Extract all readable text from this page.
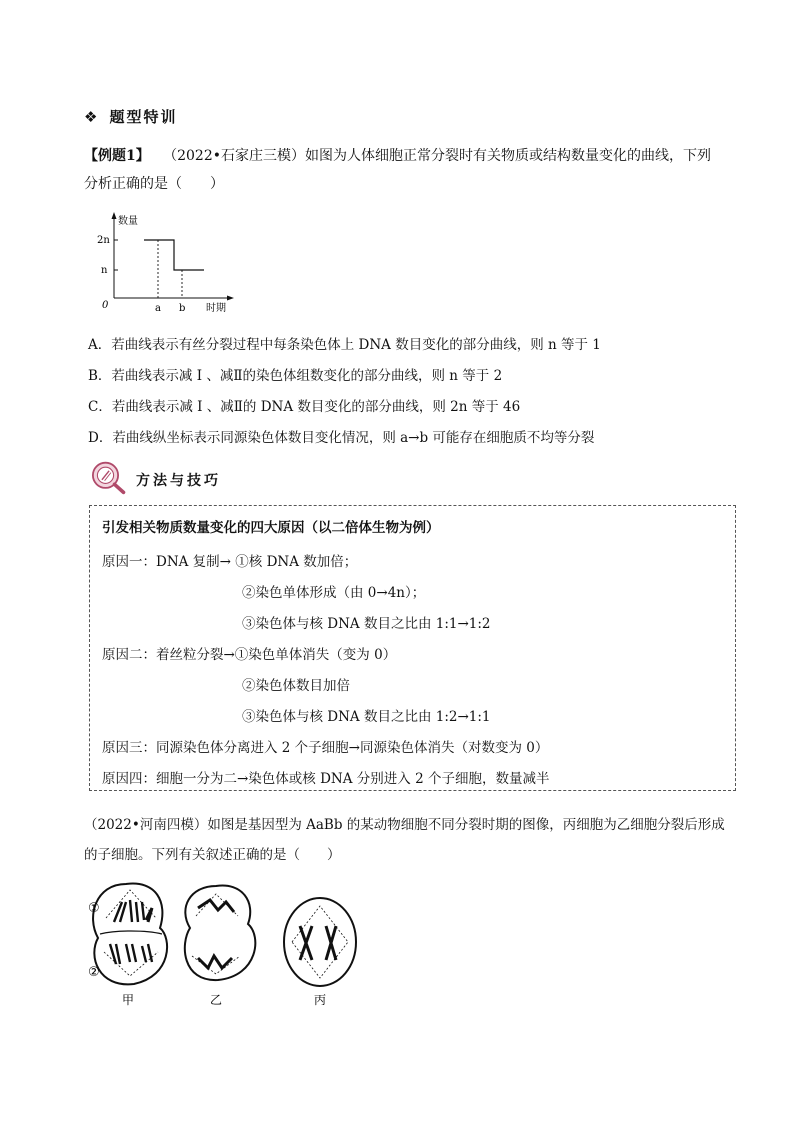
❖ 题型特训
【例题1】 （2022•石家庄三模）如图为人体细胞正常分裂时有关物质或结构数量变化的曲线，下列分析正确的是（　　）
数量
2n
n
0	a b 时期
A．若曲线表示有丝分裂过程中每条染色体上 DNA 数目变化的部分曲线，则 n 等于 1
B．若曲线表示减 I 、减Ⅱ的染色体组数变化的部分曲线，则 n 等于 2
C．若曲线表示减 I 、减Ⅱ的 DNA 数目变化的部分曲线，则 2n 等于 46
D．若曲线纵坐标表示同源染色体数目变化情况，则 a→b 可能存在细胞质不均等分裂
方法与技巧
引发相关物质数量变化的四大原因（以二倍体生物为例）
原因一：DNA 复制→ ①核 DNA 数加倍；
②染色单体形成（由 0→4n）；
③染色体与核 DNA 数目之比由 1:1→1:2
原因二：着丝粒分裂→①染色单体消失（变为 0）
②染色体数目加倍
③染色体与核 DNA 数目之比由 1:2→1:1
原因三：同源染色体分离进入 2 个子细胞→同源染色体消失（对数变为 0）
原因四：细胞一分为二→染色体或核 DNA 分别进入 2 个子细胞，数量减半
（2022•河南四模）如图是基因型为 AaBb 的某动物细胞不同分裂时期的图像，丙细胞为乙细胞分裂后形成的子细胞。下列有关叙述正确的是（　　）
①
②
甲	乙	丙
